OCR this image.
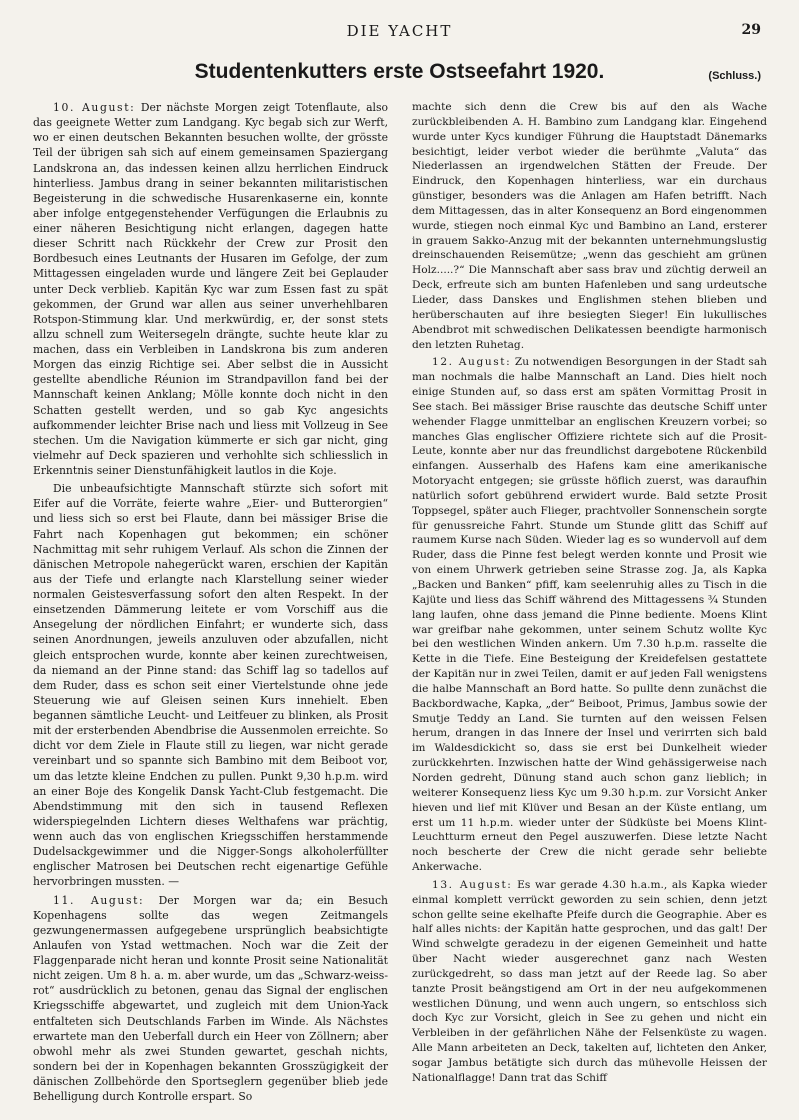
DIE YACHT	29
Studentenkutters erste Ostseefahrt 1920.	(Schluss.)

10. August: Der nächste Morgen zeigt Totenflaute, also das geeignete Wetter zum Landgang. Kyc begab sich zur Werft, wo er einen deutschen Bekannten besuchen wollte, der grösste Teil der übrigen sah sich auf einem gemeinsamen Spaziergang Landskrona an, das indessen keinen allzu herrlichen Eindruck hinterliess. Jambus drang in seiner bekannten militaristischen Begeisterung in die schwedische Husarenkaserne ein, konnte aber infolge entgegenstehender Verfügungen die Erlaubnis zu einer näheren Besichtigung nicht erlangen, dagegen hatte dieser Schritt nach Rückkehr der Crew zur Prosit den Bordbesuch eines Leutnants der Husaren im Gefolge, der zum Mittagessen eingeladen wurde und längere Zeit bei Geplauder unter Deck verblieb. Kapitän Kyc war zum Essen fast zu spät gekommen, der Grund war allen aus seiner unverhehlbaren Rotspon-Stimmung klar. Und merkwürdig, er, der sonst stets allzu schnell zum Weitersegeln drängte, suchte heute klar zu machen, dass ein Verbleiben in Landskrona bis zum anderen Morgen das einzig Richtige sei. Aber selbst die in Aussicht gestellte abendliche Réunion im Strandpavillon fand bei der Mannschaft keinen Anklang; Mölle konnte doch nicht in den Schatten gestellt werden, und so gab Kyc angesichts aufkommender leichter Brise nach und liess mit Vollzeug in See stechen. Um die Navigation kümmerte er sich gar nicht, ging vielmehr auf Deck spazieren und verhohlte sich schliesslich in Erkenntnis seiner Dienstunfähigkeit lautlos in die Koje.

Die unbeaufsichtigte Mannschaft stürzte sich sofort mit Eifer auf die Vorräte, feierte wahre „Eier- und Butterorgien“ und liess sich so erst bei Flaute, dann bei mässiger Brise die Fahrt nach Kopenhagen gut bekommen; ein schöner Nachmittag mit sehr ruhigem Verlauf. Als schon die Zinnen der dänischen Metropole nahegerückt waren, erschien der Kapitän aus der Tiefe und erlangte nach Klarstellung seiner wieder normalen Geistesverfassung sofort den alten Respekt. In der einsetzenden Dämmerung leitete er vom Vorschiff aus die Ansegelung der nördlichen Einfahrt; er wunderte sich, dass seinen Anordnungen, jeweils anzuluven oder abzufallen, nicht gleich entsprochen wurde, konnte aber keinen zurechtweisen, da niemand an der Pinne stand: das Schiff lag so tadellos auf dem Ruder, dass es schon seit einer Viertelstunde ohne jede Steuerung wie auf Gleisen seinen Kurs innehielt. Eben begannen sämtliche Leucht- und Leitfeuer zu blinken, als Prosit mit der ersterbenden Abendbrise die Aussenmolen erreichte. So dicht vor dem Ziele in Flaute still zu liegen, war nicht gerade vereinbart und so spannte sich Bambino mit dem Beiboot vor, um das letzte kleine Endchen zu pullen. Punkt 9,30 h.p.m. wird an einer Boje des Kongelik Dansk Yacht-Club festgemacht. Die Abendstimmung mit den sich in tausend Reflexen widerspiegelnden Lichtern dieses Welthafens war prächtig, wenn auch das von englischen Kriegsschiffen herstammende Dudelsackgewimmer und die Nigger-Songs alkoholerfüllter englischer Matrosen bei Deutschen recht eigenartige Gefühle hervorbringen mussten. —

11. August: Der Morgen war da; ein Besuch Kopenhagens sollte das wegen Zeitmangels gezwungenermassen aufgegebene ursprünglich beabsichtigte Anlaufen von Ystad wettmachen. Noch war die Zeit der Flaggenparade nicht heran und konnte Prosit seine Nationalität nicht zeigen. Um 8 h. a. m. aber wurde, um das „Schwarz-weiss-rot“ ausdrücklich zu betonen, genau das Signal der englischen Kriegsschiffe abgewartet, und zugleich mit dem Union-Yack entfalteten sich Deutschlands Farben im Winde. Als Nächstes erwartete man den Ueberfall durch ein Heer von Zöllnern; aber obwohl mehr als zwei Stunden gewartet, geschah nichts, sondern bei der in Kopenhagen bekannten Grosszügigkeit der dänischen Zollbehörde den Sportseglern gegenüber blieb jede Behelligung durch Kontrolle erspart. So

machte sich denn die Crew bis auf den als Wache zurückbleibenden A. H. Bambino zum Landgang klar. Eingehend wurde unter Kycs kundiger Führung die Hauptstadt Dänemarks besichtigt, leider verbot wieder die berühmte „Valuta“ das Niederlassen an irgendwelchen Stätten der Freude. Der Eindruck, den Kopenhagen hinterliess, war ein durchaus günstiger, besonders was die Anlagen am Hafen betrifft. Nach dem Mittagessen, das in alter Konsequenz an Bord eingenommen wurde, stiegen noch einmal Kyc und Bambino an Land, ersterer in grauem Sakko-Anzug mit der bekannten unternehmungslustig dreinschauenden Reisemütze; „wenn das geschieht am grünen Holz.....?“ Die Mannschaft aber sass brav und züchtig derweil an Deck, erfreute sich am bunten Hafenleben und sang urdeutsche Lieder, dass Danskes und Englishmen stehen blieben und herüberschauten auf ihre besiegten Sieger! Ein lukullisches Abendbrot mit schwedischen Delikatessen beendigte harmonisch den letzten Ruhetag.

12. August: Zu notwendigen Besorgungen in der Stadt sah man nochmals die halbe Mannschaft an Land. Dies hielt noch einige Stunden auf, so dass erst am späten Vormittag Prosit in See stach. Bei mässiger Brise rauschte das deutsche Schiff unter wehender Flagge unmittelbar an englischen Kreuzern vorbei; so manches Glas englischer Offiziere richtete sich auf die Prosit-Leute, konnte aber nur das freundlichst dargebotene Rückenbild einfangen. Ausserhalb des Hafens kam eine amerikanische Motoryacht entgegen; sie grüsste höflich zuerst, was daraufhin natürlich sofort gebührend erwidert wurde. Bald setzte Prosit Toppsegel, später auch Flieger, prachtvoller Sonnenschein sorgte für genussreiche Fahrt. Stunde um Stunde glitt das Schiff auf raumem Kurse nach Süden. Wieder lag es so wundervoll auf dem Ruder, dass die Pinne fest belegt werden konnte und Prosit wie von einem Uhrwerk getrieben seine Strasse zog. Ja, als Kapka „Backen und Banken“ pfiff, kam seelenruhig alles zu Tisch in die Kajüte und liess das Schiff während des Mittagessens ¾ Stunden lang laufen, ohne dass jemand die Pinne bediente. Moens Klint war greifbar nahe gekommen, unter seinem Schutz wollte Kyc bei den westlichen Winden ankern. Um 7.30 h.p.m. rasselte die Kette in die Tiefe. Eine Besteigung der Kreidefelsen gestattete der Kapitän nur in zwei Teilen, damit er auf jeden Fall wenigstens die halbe Mannschaft an Bord hatte. So pullte denn zunächst die Backbordwache, Kapka, „der“ Beiboot, Primus, Jambus sowie der Smutje Teddy an Land. Sie turnten auf den weissen Felsen herum, drangen in das Innere der Insel und verirrten sich bald im Waldesdickicht so, dass sie erst bei Dunkelheit wieder zurückkehrten. Inzwischen hatte der Wind gehässigerweise nach Norden gedreht, Dünung stand auch schon ganz lieblich; in weiterer Konsequenz liess Kyc um 9.30 h.p.m. zur Vorsicht Anker hieven und lief mit Klüver und Besan an der Küste entlang, um erst um 11 h.p.m. wieder unter der Südküste bei Moens Klint-Leuchtturm erneut den Pegel auszuwerfen. Diese letzte Nacht noch bescherte der Crew die nicht gerade sehr beliebte Ankerwache.

13. August: Es war gerade 4.30 h.a.m., als Kapka wieder einmal komplett verrückt geworden zu sein schien, denn jetzt schon gellte seine ekelhafte Pfeife durch die Geographie. Aber es half alles nichts: der Kapitän hatte gesprochen, und das galt! Der Wind schwelgte geradezu in der eigenen Gemeinheit und hatte über Nacht wieder ausgerechnet ganz nach Westen zurückgedreht, so dass man jetzt auf der Reede lag. So aber tanzte Prosit beängstigend am Ort in der neu aufgekommenen westlichen Dünung, und wenn auch ungern, so entschloss sich doch Kyc zur Vorsicht, gleich in See zu gehen und nicht ein Verbleiben in der gefährlichen Nähe der Felsenküste zu wagen. Alle Mann arbeiteten an Deck, takelten auf, lichteten den Anker, sogar Jambus betätigte sich durch das mühevolle Heissen der Nationalflagge! Dann trat das Schiff
